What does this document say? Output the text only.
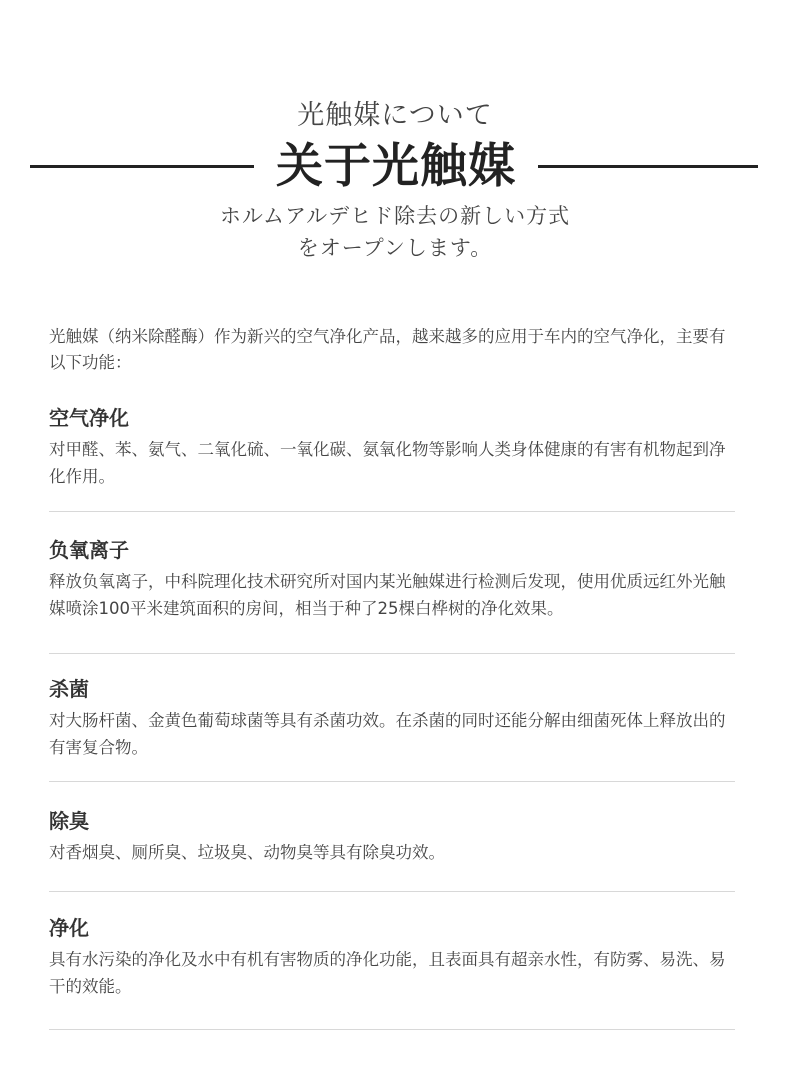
光触媒について
关于光触媒

ホルムアルデヒド除去の新しい方式
をオープンします。

光触媒（纳米除醛酶）作为新兴的空气净化产品，越来越多的应用于车内的空气净化，主要有以下功能：

空气净化

对甲醛、苯、氨气、二氧化硫、一氧化碳、氨氧化物等影响人类身体健康的有害有机物起到净化作用。

负氧离子

释放负氧离子，中科院理化技术研究所对国内某光触媒进行检测后发现，使用优质远红外光触媒喷涂100平米建筑面积的房间，相当于种了25棵白桦树的净化效果。

杀菌

对大肠杆菌、金黄色葡萄球菌等具有杀菌功效。在杀菌的同时还能分解由细菌死体上释放出的有害复合物。

除臭

对香烟臭、厕所臭、垃圾臭、动物臭等具有除臭功效。

净化

具有水污染的净化及水中有机有害物质的净化功能，且表面具有超亲水性，有防雾、易洗、易干的效能。
